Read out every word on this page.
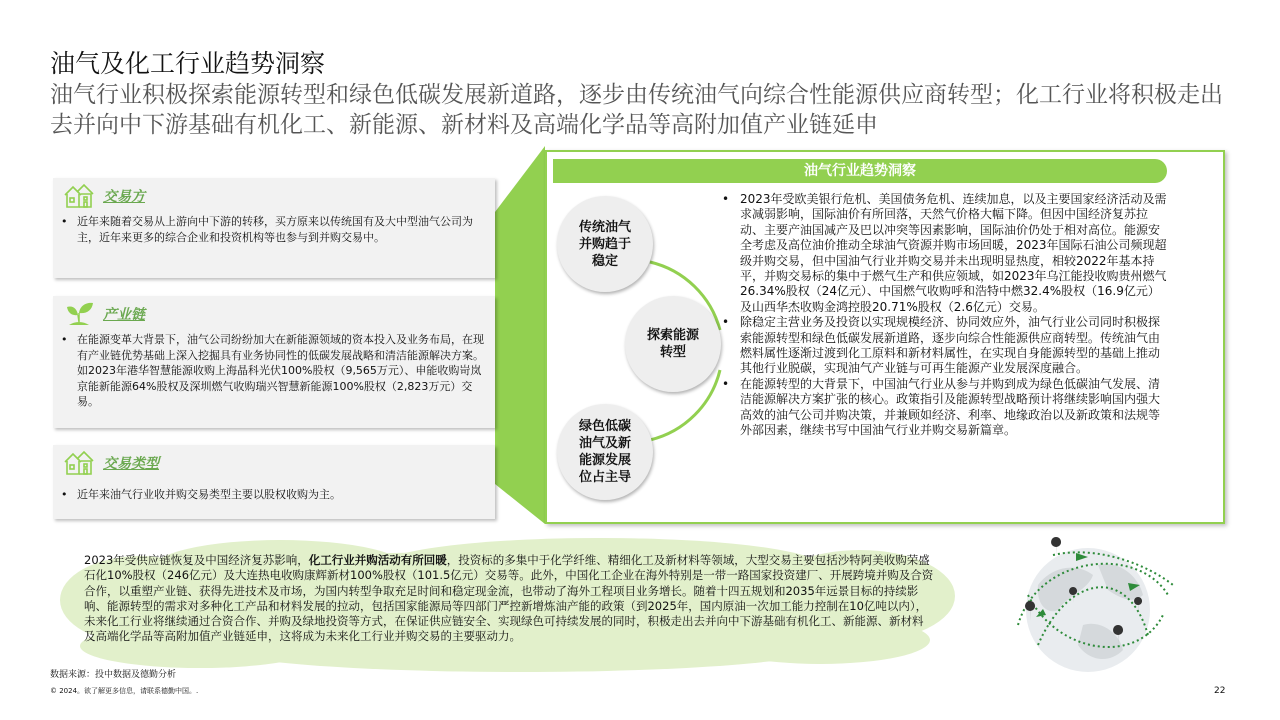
油气及化工行业趋势洞察
油气行业积极探索能源转型和绿色低碳发展新道路，逐步由传统油气向综合性能源供应商转型；化工行业将积极走出去并向中下游基础有机化工、新能源、新材料及高端化学品等高附加值产业链延申
交易方
• 近年来随着交易从上游向中下游的转移，买方原来以传统国有及大中型油气公司为主，近年来更多的综合企业和投资机构等也参与到并购交易中。
产业链
• 在能源变革大背景下，油气公司纷纷加大在新能源领域的资本投入及业务布局，在现有产业链优势基础上深入挖掘具有业务协同性的低碳发展战略和清洁能源解决方案。如2023年港华智慧能源收购上海晶科光伏100%股权（9,565万元）、申能收购岢岚京能新能源64%股权及深圳燃气收购瑞兴智慧新能源100%股权（2,823万元）交易。
交易类型
• 近年来油气行业收并购交易类型主要以股权收购为主。
油气行业趋势洞察
传统油气并购趋于稳定
探索能源转型
绿色低碳油气及新能源发展位占主导
• 2023年受欧美银行危机、美国债务危机、连续加息，以及主要国家经济活动及需求减弱影响，国际油价有所回落，天然气价格大幅下降。但因中国经济复苏拉动、主要产油国减产及巴以冲突等因素影响，国际油价仍处于相对高位。能源安全考虑及高位油价推动全球油气资源并购市场回暖，2023年国际石油公司频现超级并购交易，但中国油气行业并购交易并未出现明显热度，相较2022年基本持平，并购交易标的集中于燃气生产和供应领域，如2023年乌江能投收购贵州燃气26.34%股权（24亿元）、中国燃气收购呼和浩特中燃32.4%股权（16.9亿元）及山西华杰收购金鸿控股20.71%股权（2.6亿元）交易。
• 除稳定主营业务及投资以实现规模经济、协同效应外，油气行业公司同时积极探索能源转型和绿色低碳发展新道路，逐步向综合性能源供应商转型。传统油气由燃料属性逐渐过渡到化工原料和新材料属性，在实现自身能源转型的基础上推动其他行业脱碳，实现油气产业链与可再生能源产业发展深度融合。
• 在能源转型的大背景下，中国油气行业从参与并购到成为绿色低碳油气发展、清洁能源解决方案扩张的核心。政策指引及能源转型战略预计将继续影响国内强大高效的油气公司并购决策，并兼顾如经济、利率、地缘政治以及新政策和法规等外部因素，继续书写中国油气行业并购交易新篇章。
2023年受供应链恢复及中国经济复苏影响，化工行业并购活动有所回暖，投资标的多集中于化学纤维、精细化工及新材料等领域，大型交易主要包括沙特阿美收购荣盛石化10%股权（246亿元）及大连热电收购康辉新材100%股权（101.5亿元）交易等。此外，中国化工企业在海外特别是一带一路国家投资建厂、开展跨境并购及合资合作，以重塑产业链、获得先进技术及市场，为国内转型争取充足时间和稳定现金流，也带动了海外工程项目业务增长。随着十四五规划和2035年远景目标的持续影响、能源转型的需求对多种化工产品和材料发展的拉动，包括国家能源局等四部门严控新增炼油产能的政策（到2025年，国内原油一次加工能力控制在10亿吨以内），未来化工行业将继续通过合资合作、并购及绿地投资等方式，在保证供应链安全、实现绿色可持续发展的同时，积极走出去并向中下游基础有机化工、新能源、新材料及高端化学品等高附加值产业链延申，这将成为未来化工行业并购交易的主要驱动力。
数据来源：投中数据及德勤分析
© 2024。欲了解更多信息，请联系德勤中国。.	22
